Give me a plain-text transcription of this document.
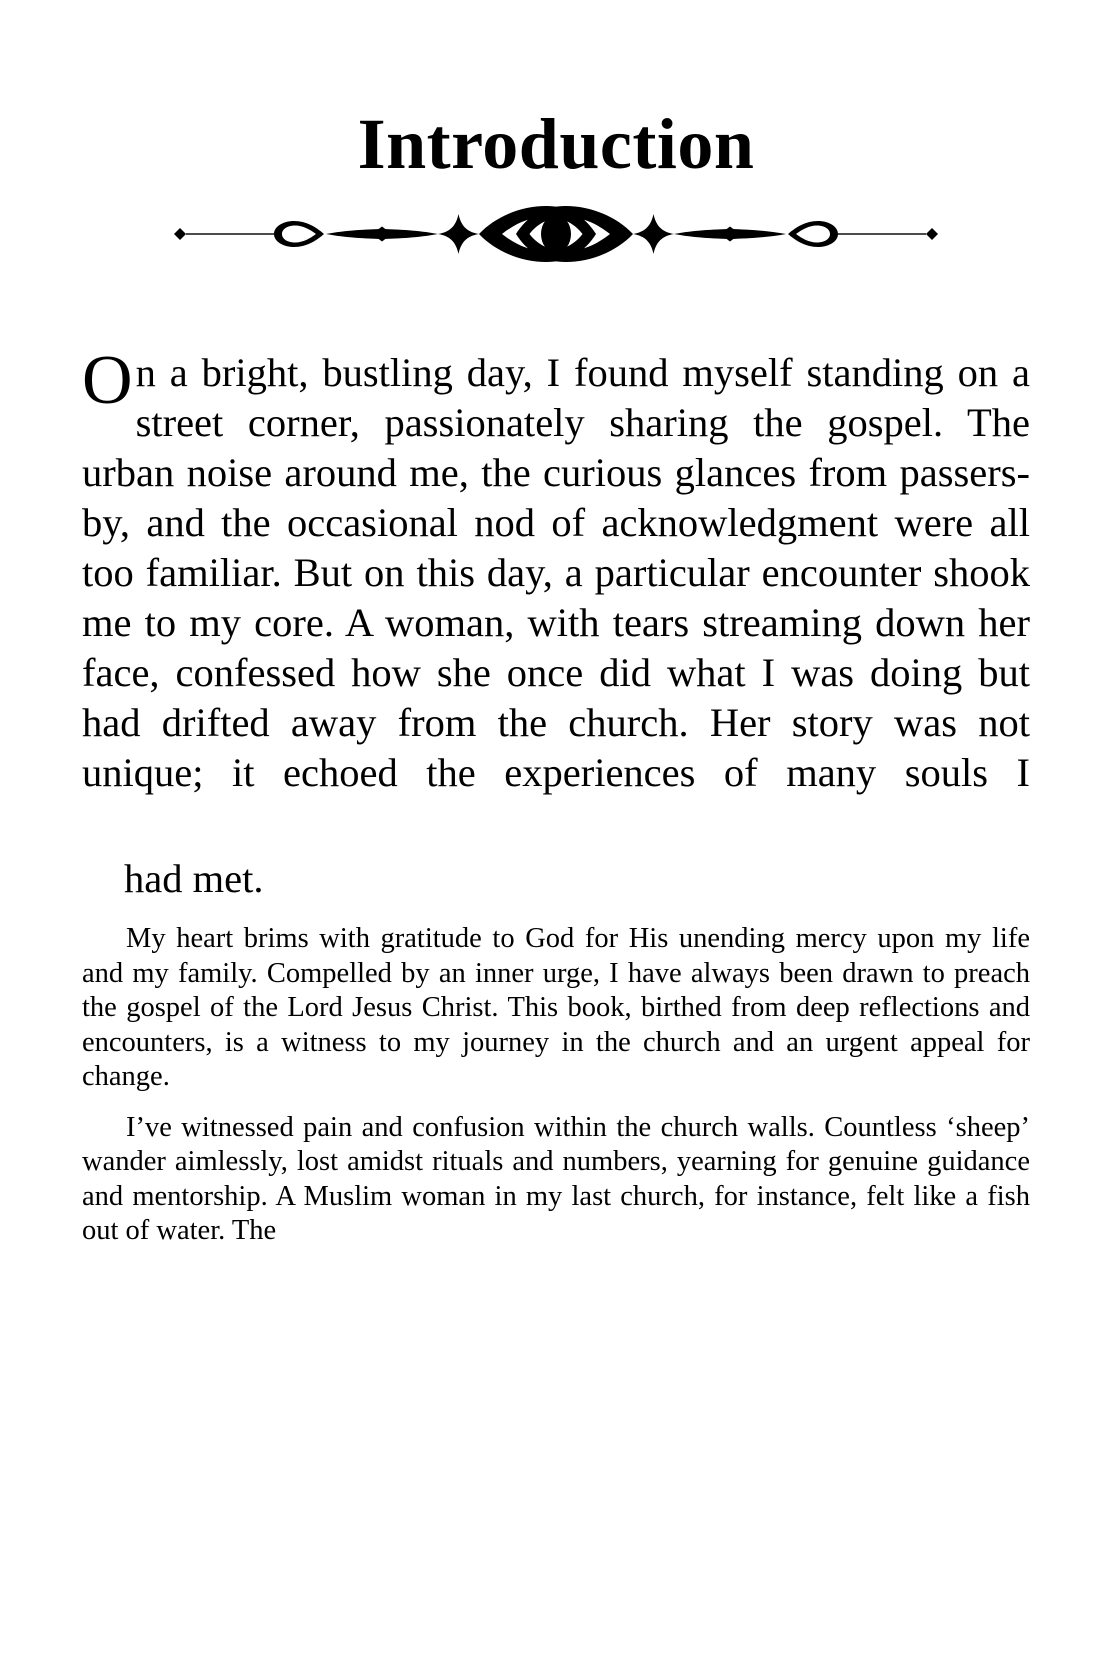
Introduction

On a bright, bustling day, I found myself standing on a street corner, passionately sharing the gospel. The urban noise around me, the curious glances from passers-by, and the occasional nod of acknowledgment were all too familiar. But on this day, a particular encounter shook me to my core. A woman, with tears streaming down her face, confessed how she once did what I was doing but had drifted away from the church. Her story was not unique; it echoed the experiences of many souls I

had met.

My heart brims with gratitude to God for His unending mercy upon my life and my family. Compelled by an inner urge, I have always been drawn to preach the gospel of the Lord Jesus Christ. This book, birthed from deep reflections and encounters, is a witness to my journey in the church and an urgent appeal for change.

I’ve witnessed pain and confusion within the church walls. Countless ‘sheep’ wander aimlessly, lost amidst rituals and numbers, yearning for genuine guidance and mentorship. A Muslim woman in my last church, for instance, felt like a fish out of water. The
